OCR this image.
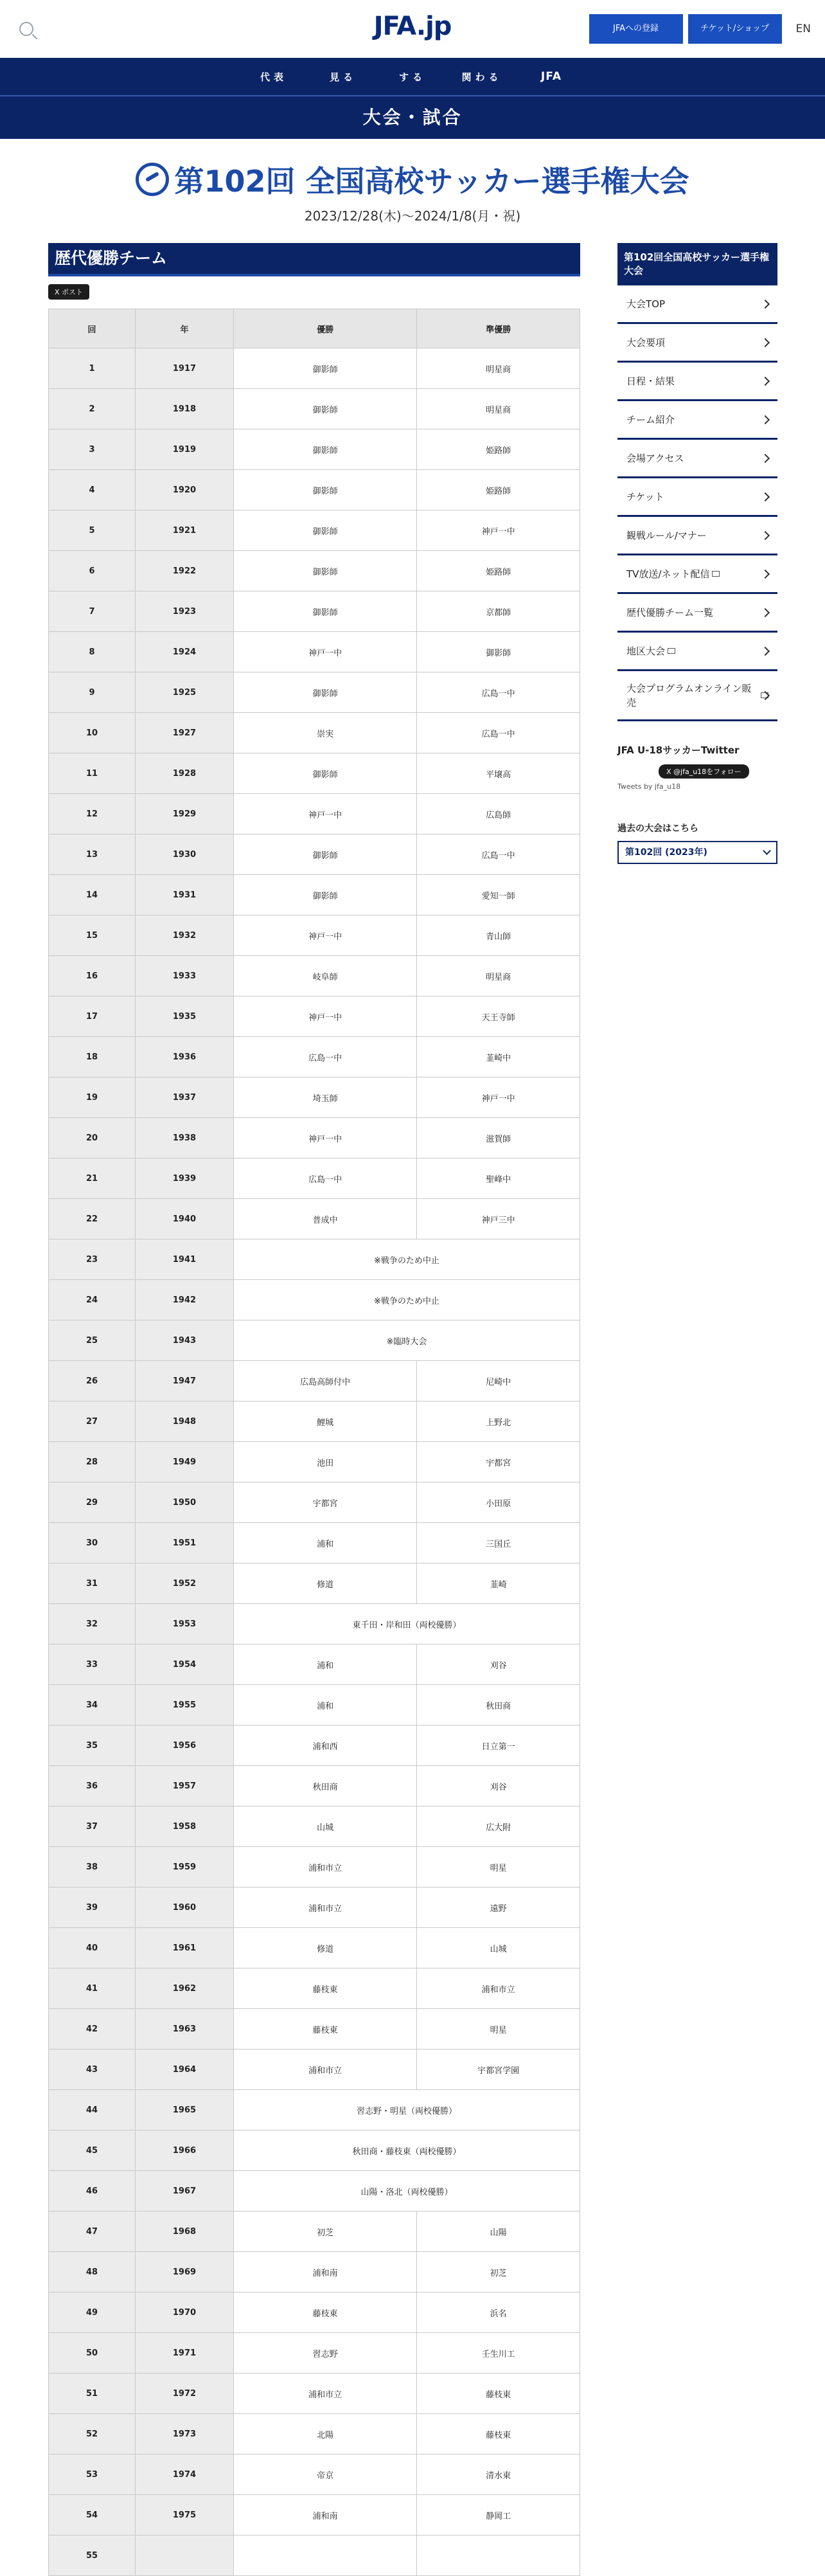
JFA.jp	JFAへの登録	チケット/ショップ	EN
代表	見る	する	関わる	JFA
大会・試合
第102回 全国高校サッカー選手権大会
2023/12/28(木)〜2024/1/8(月・祝)
歴代優勝チーム
X ポスト
回	年	優勝	準優勝
1	1917	御影師	明星商
2	1918	御影師	明星商
3	1919	御影師	姫路師
4	1920	御影師	姫路師
5	1921	御影師	神戸一中
6	1922	御影師	姫路師
7	1923	御影師	京都師
8	1924	神戸一中	御影師
9	1925	御影師	広島一中
10	1927	崇実	広島一中
11	1928	御影師	平壌高
12	1929	神戸一中	広島師
13	1930	御影師	広島一中
14	1931	御影師	愛知一師
15	1932	神戸一中	青山師
16	1933	岐阜師	明星商
17	1935	神戸一中	天王寺師
18	1936	広島一中	韮崎中
19	1937	埼玉師	神戸一中
20	1938	神戸一中	滋賀師
21	1939	広島一中	聖峰中
22	1940	普成中	神戸三中
23	1941	※戦争のため中止	
24	1942	※戦争のため中止	
25	1943	※臨時大会	
26	1947	広島高師付中	尼崎中
27	1948	鯉城	上野北
28	1949	池田	宇都宮
29	1950	宇都宮	小田原
30	1951	浦和	三国丘
31	1952	修道	韮崎
32	1953	東千田・岸和田（両校優勝）	
33	1954	浦和	刈谷
34	1955	浦和	秋田商
35	1956	浦和西	日立第一
36	1957	秋田商	刈谷
37	1958	山城	広大附
38	1959	浦和市立	明星
39	1960	浦和市立	遠野
40	1961	修道	山城
41	1962	藤枝東	浦和市立
42	1963	藤枝東	明星
43	1964	浦和市立	宇都宮学園
44	1965	習志野・明星（両校優勝）	
45	1966	秋田商・藤枝東（両校優勝）	
46	1967	山陽・洛北（両校優勝）	
47	1968	初芝	山陽
48	1969	浦和南	初芝
49	1970	藤枝東	浜名
50	1971	習志野	壬生川工
51	1972	浦和市立	藤枝東
52	1973	北陽	藤枝東
53	1974	帝京	清水東
54	1975	浦和南	静岡工
55			
第102回全国高校サッカー選手権大会
大会TOP
大会要項
日程・結果
チーム紹介
会場アクセス
チケット
観戦ルール/マナー
TV放送/ネット配信
歴代優勝チーム一覧
地区大会
大会プログラムオンライン販売
JFA U-18サッカーTwitter
X @jfa_u18をフォロー
Tweets by jfa_u18
過去の大会はこちら
第102回 (2023年)
